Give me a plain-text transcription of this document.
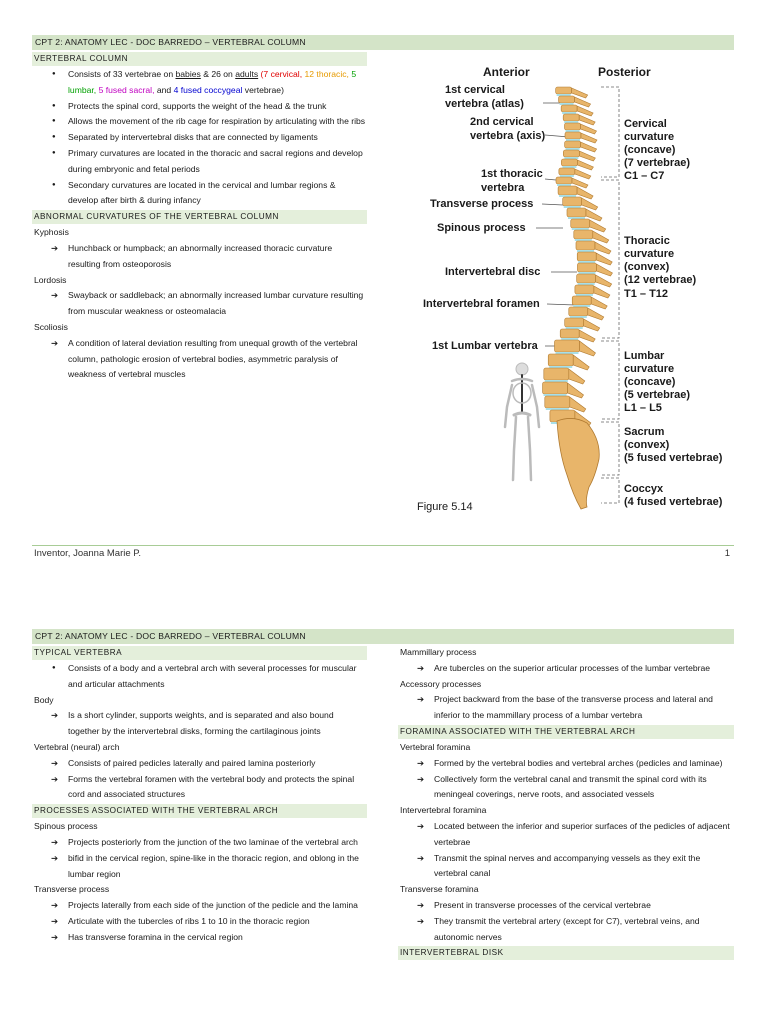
CPT 2: ANATOMY LEC - DOC BARREDO – VERTEBRAL COLUMN
VERTEBRAL COLUMN
● Consists of 33 vertebrae on babies & 26 on adults (7 cervical, 12 thoracic, 5 lumbar, 5 fused sacral, and 4 fused coccygeal vertebrae)
● Protects the spinal cord, supports the weight of the head & the trunk
● Allows the movement of the rib cage for respiration by articulating with the ribs
● Separated by intervertebral disks that are connected by ligaments
● Primary curvatures are located in the thoracic and sacral regions and develop during embryonic and fetal periods
● Secondary curvatures are located in the cervical and lumbar regions & develop after birth & during infancy
ABNORMAL CURVATURES OF THE VERTEBRAL COLUMN
Kyphosis
➔ Hunchback or humpback; an abnormally increased thoracic curvature resulting from osteoporosis
Lordosis
➔ Swayback or saddleback; an abnormally increased lumbar curvature resulting from muscular weakness or osteomalacia
Scoliosis
➔ A condition of lateral deviation resulting from unequal growth of the vertebral column, pathologic erosion of vertebral bodies, asymmetric paralysis of weakness of vertebral muscles
Anterior	Posterior
1st cervical
vertebra (atlas)
2nd cervical
vertebra (axis)
1st thoracic
vertebra
Transverse process
Spinous process
Intervertebral disc
Intervertebral foramen
1st Lumbar vertebra
Cervical
curvature
(concave)
(7 vertebrae)
C1 – C7
Thoracic
curvature
(convex)
(12 vertebrae)
T1 – T12
Lumbar
curvature
(concave)
(5 vertebrae)
L1 – L5
Sacrum
(convex)
(5 fused vertebrae)
Coccyx
(4 fused vertebrae)
Figure 5.14
Inventor, Joanna Marie P.	1
CPT 2: ANATOMY LEC - DOC BARREDO – VERTEBRAL COLUMN
TYPICAL VERTEBRA
● Consists of a body and a vertebral arch with several processes for muscular and articular attachments
Body
➔ Is a short cylinder, supports weights, and is separated and also bound together by the intervertebral disks, forming the cartilaginous joints
Vertebral (neural) arch
➔ Consists of paired pedicles laterally and paired lamina posteriorly
➔ Forms the vertebral foramen with the vertebral body and protects the spinal cord and associated structures
PROCESSES ASSOCIATED WITH THE VERTEBRAL ARCH
Spinous process
➔ Projects posteriorly from the junction of the two laminae of the vertebral arch
➔ bifid in the cervical region, spine-like in the thoracic region, and oblong in the lumbar region
Transverse process
➔ Projects laterally from each side of the junction of the pedicle and the lamina
➔ Articulate with the tubercles of ribs 1 to 10 in the thoracic region
➔ Has transverse foramina in the cervical region
Mammillary process
➔ Are tubercles on the superior articular processes of the lumbar vertebrae
Accessory processes
➔ Project backward from the base of the transverse process and lateral and inferior to the mammillary process of a lumbar vertebra
FORAMINA ASSOCIATED WITH THE VERTEBRAL ARCH
Vertebral foramina
➔ Formed by the vertebral bodies and vertebral arches (pedicles and laminae)
➔ Collectively form the vertebral canal and transmit the spinal cord with its meningeal coverings, nerve roots, and associated vessels
Intervertebral foramina
➔ Located between the inferior and superior surfaces of the pedicles of adjacent vertebrae
➔ Transmit the spinal nerves and accompanying vessels as they exit the vertebral canal
Transverse foramina
➔ Present in transverse processes of the cervical vertebrae
➔ They transmit the vertebral artery (except for C7), vertebral veins, and autonomic nerves
INTERVERTEBRAL DISK
